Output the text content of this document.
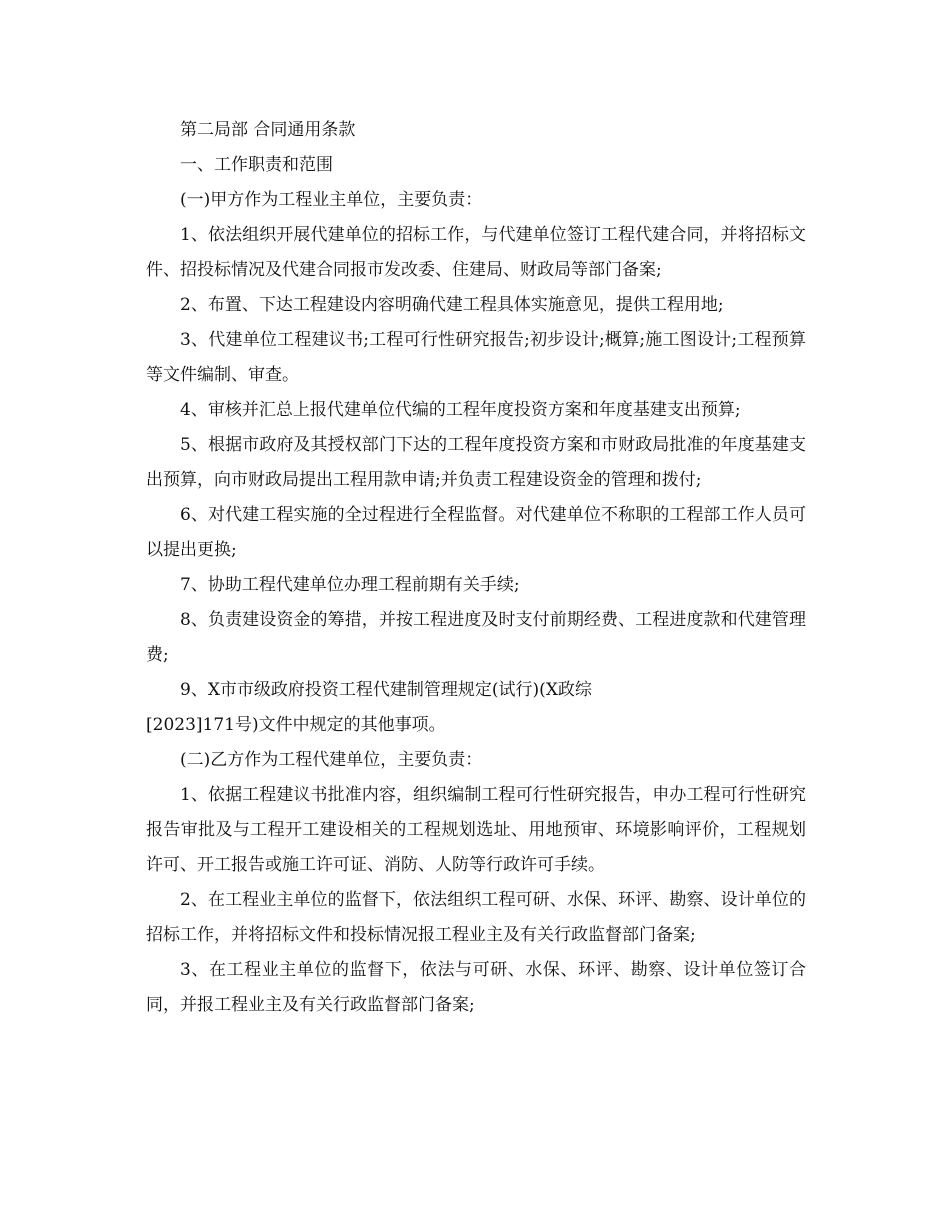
第二局部 合同通用条款

一、工作职责和范围

(一)甲方作为工程业主单位，主要负责：

1、依法组织开展代建单位的招标工作，与代建单位签订工程代建合同，并将招标文件、招投标情况及代建合同报市发改委、住建局、财政局等部门备案;

2、布置、下达工程建设内容明确代建工程具体实施意见，提供工程用地;

3、代建单位工程建议书;工程可行性研究报告;初步设计;概算;施工图设计;工程预算等文件编制、审查。

4、审核并汇总上报代建单位代编的工程年度投资方案和年度基建支出预算;

5、根据市政府及其授权部门下达的工程年度投资方案和市财政局批准的年度基建支出预算，向市财政局提出工程用款申请;并负责工程建设资金的管理和拨付;

6、对代建工程实施的全过程进行全程监督。对代建单位不称职的工程部工作人员可以提出更换;

7、协助工程代建单位办理工程前期有关手续;

8、负责建设资金的筹措，并按工程进度及时支付前期经费、工程进度款和代建管理费;

9、X市市级政府投资工程代建制管理规定(试行)(X政综

[2023]171号)文件中规定的其他事项。

(二)乙方作为工程代建单位，主要负责：

1、依据工程建议书批准内容，组织编制工程可行性研究报告，申办工程可行性研究报告审批及与工程开工建设相关的工程规划选址、用地预审、环境影响评价，工程规划许可、开工报告或施工许可证、消防、人防等行政许可手续。

2、在工程业主单位的监督下，依法组织工程可研、水保、环评、勘察、设计单位的招标工作，并将招标文件和投标情况报工程业主及有关行政监督部门备案;

3、在工程业主单位的监督下，依法与可研、水保、环评、勘察、设计单位签订合同，并报工程业主及有关行政监督部门备案;
